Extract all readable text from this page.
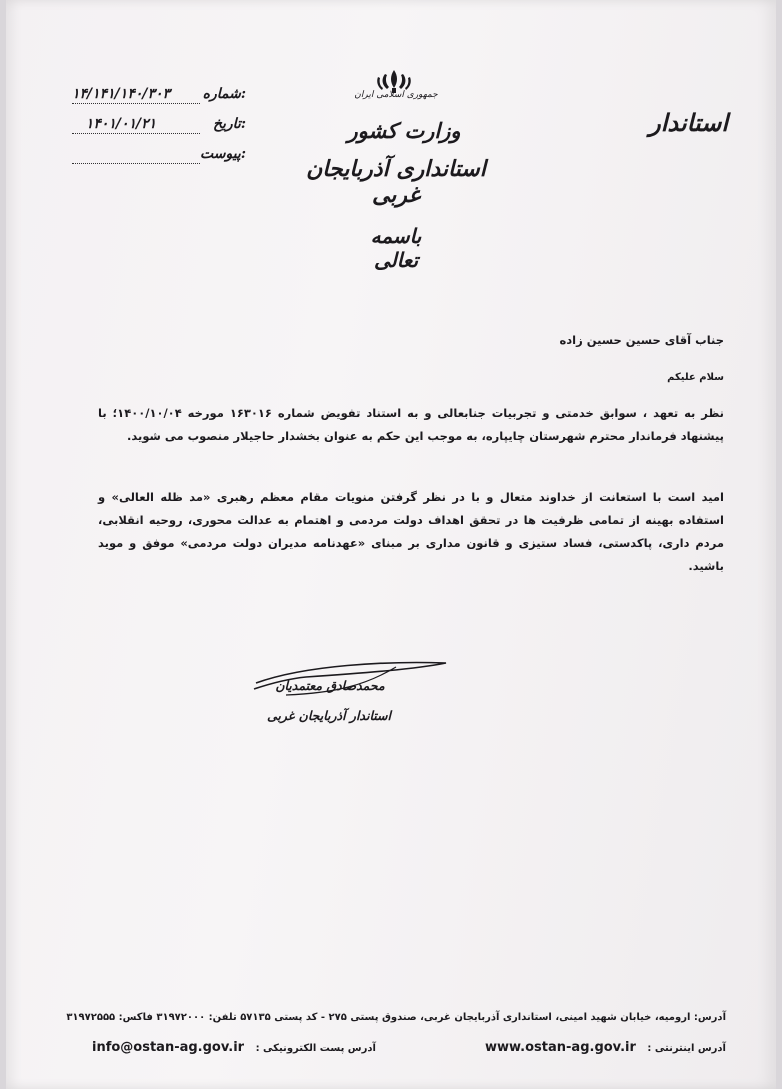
استاندار
جمهوری اسلامی ایران
وزارت کشور
استانداری آذربایجان غربی
باسمه تعالی
شماره:
۱۴/۱۴۱/۱۴۰/۳۰۳
تاریخ:
۱۴۰۱/۰۱/۲۱
پیوست:
جناب آقای حسین حسین زاده
سلام علیکم
نظر به تعهد ، سوابق خدمتی و تجربیات جنابعالی و به استناد تفویض شماره ۱۶۳۰۱۶ مورخه ۱۴۰۰/۱۰/۰۴؛ با پیشنهاد فرماندار محترم شهرستان چایپاره، به موجب این حکم به عنوان بخشدار حاجیلار منصوب می شوید.
امید است با استعانت از خداوند متعال و با در نظر گرفتن منویات مقام معظم رهبری «مد ظله العالی» و استفاده بهینه از تمامی ظرفیت ها در تحقق اهداف دولت مردمی و اهتمام به عدالت محوری، روحیه انقلابی، مردم داری، پاکدستی، فساد ستیزی و قانون مداری بر مبنای «عهدنامه مدیران دولت مردمی» موفق و موید باشید.
محمدصادق معتمدیان
استاندار آذربایجان غربی
آدرس: ارومیه، خیابان شهید امینی، استانداری آذربایجان غربی، صندوق پستی ۲۷۵ - کد پستی ۵۷۱۳۵ تلفن: ۳۱۹۷۲۰۰۰ فاکس: ۳۱۹۷۲۵۵۵
آدرس اینترنتی : www.ostan-ag.gov.ir
آدرس پست الکترونیکی : info@ostan-ag.gov.ir
